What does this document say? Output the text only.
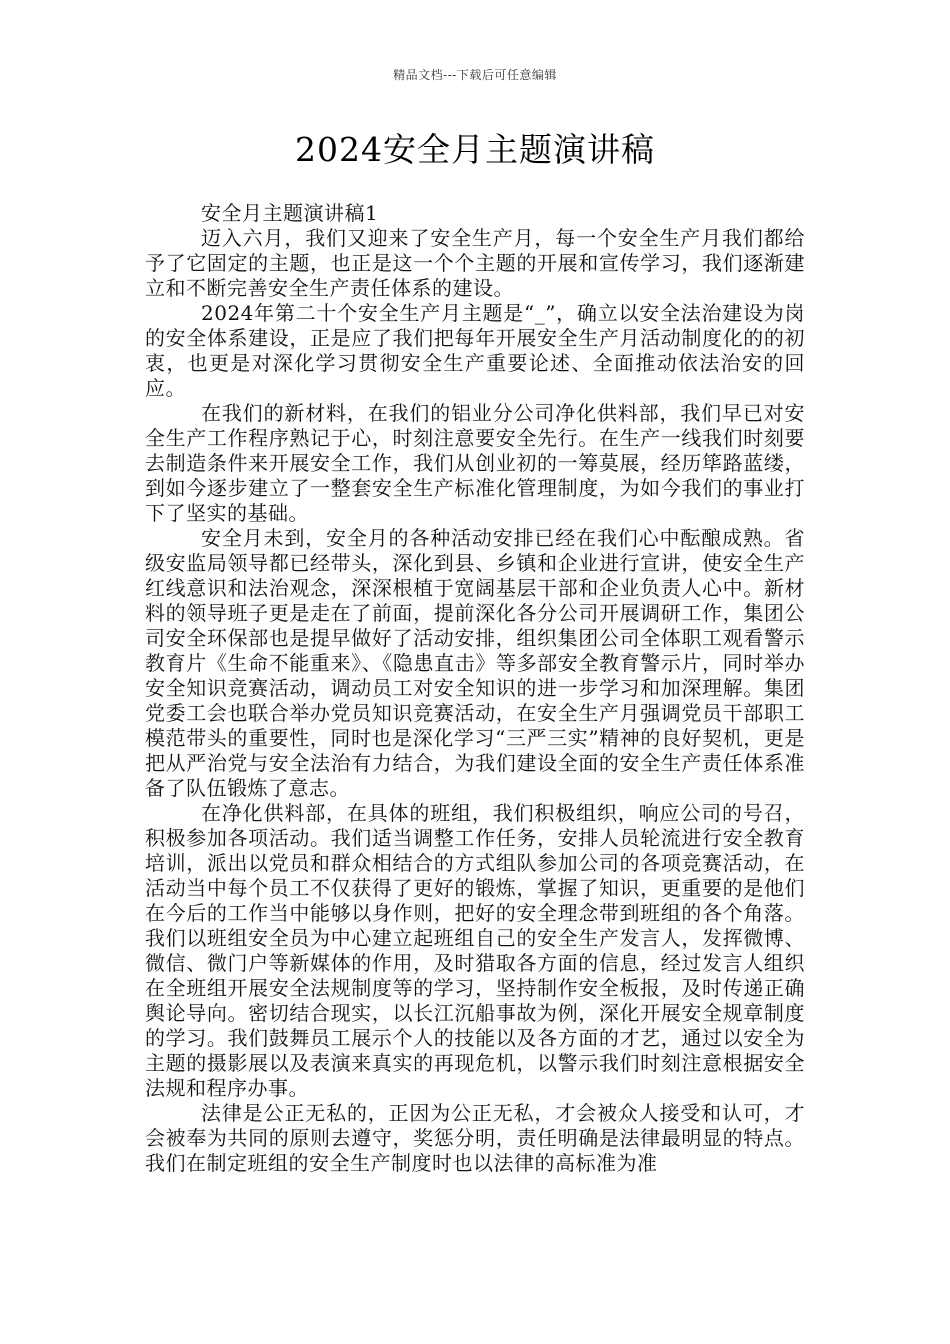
精品文档---下载后可任意编辑
2024安全月主题演讲稿

安全月主题演讲稿1

迈入六月，我们又迎来了安全生产月，每一个安全生产月我们都给予了它固定的主题，也正是这一个个主题的开展和宣传学习，我们逐渐建立和不断完善安全生产责任体系的建设。

2024年第二十个安全生产月主题是“_”，确立以安全法治建设为岗的安全体系建设，正是应了我们把每年开展安全生产月活动制度化的的初衷，也更是对深化学习贯彻安全生产重要论述、全面推动依法治安的回应。

在我们的新材料，在我们的铝业分公司净化供料部，我们早已对安全生产工作程序熟记于心，时刻注意要安全先行。在生产一线我们时刻要去制造条件来开展安全工作，我们从创业初的一筹莫展，经历筚路蓝缕，到如今逐步建立了一整套安全生产标准化管理制度，为如今我们的事业打下了坚实的基础。

安全月未到，安全月的各种活动安排已经在我们心中酝酿成熟。省级安监局领导都已经带头，深化到县、乡镇和企业进行宣讲，使安全生产红线意识和法治观念，深深根植于宽阔基层干部和企业负责人心中。新材料的领导班子更是走在了前面，提前深化各分公司开展调研工作，集团公司安全环保部也是提早做好了活动安排，组织集团公司全体职工观看警示教育片《生命不能重来》、《隐患直击》等多部安全教育警示片，同时举办安全知识竞赛活动，调动员工对安全知识的进一步学习和加深理解。集团党委工会也联合举办党员知识竞赛活动，在安全生产月强调党员干部职工模范带头的重要性，同时也是深化学习“三严三实”精神的良好契机，更是把从严治党与安全法治有力结合，为我们建设全面的安全生产责任体系准备了队伍锻炼了意志。

在净化供料部，在具体的班组，我们积极组织，响应公司的号召，积极参加各项活动。我们适当调整工作任务，安排人员轮流进行安全教育培训，派出以党员和群众相结合的方式组队参加公司的各项竞赛活动，在活动当中每个员工不仅获得了更好的锻炼，掌握了知识，更重要的是他们在今后的工作当中能够以身作则，把好的安全理念带到班组的各个角落。我们以班组安全员为中心建立起班组自己的安全生产发言人，发挥微博、微信、微门户等新媒体的作用，及时猎取各方面的信息，经过发言人组织在全班组开展安全法规制度等的学习，坚持制作安全板报，及时传递正确舆论导向。密切结合现实，以长江沉船事故为例，深化开展安全规章制度的学习。我们鼓舞员工展示个人的技能以及各方面的才艺，通过以安全为主题的摄影展以及表演来真实的再现危机，以警示我们时刻注意根据安全法规和程序办事。

法律是公正无私的，正因为公正无私，才会被众人接受和认可，才会被奉为共同的原则去遵守，奖惩分明，责任明确是法律最明显的特点。我们在制定班组的安全生产制度时也以法律的高标准为准
